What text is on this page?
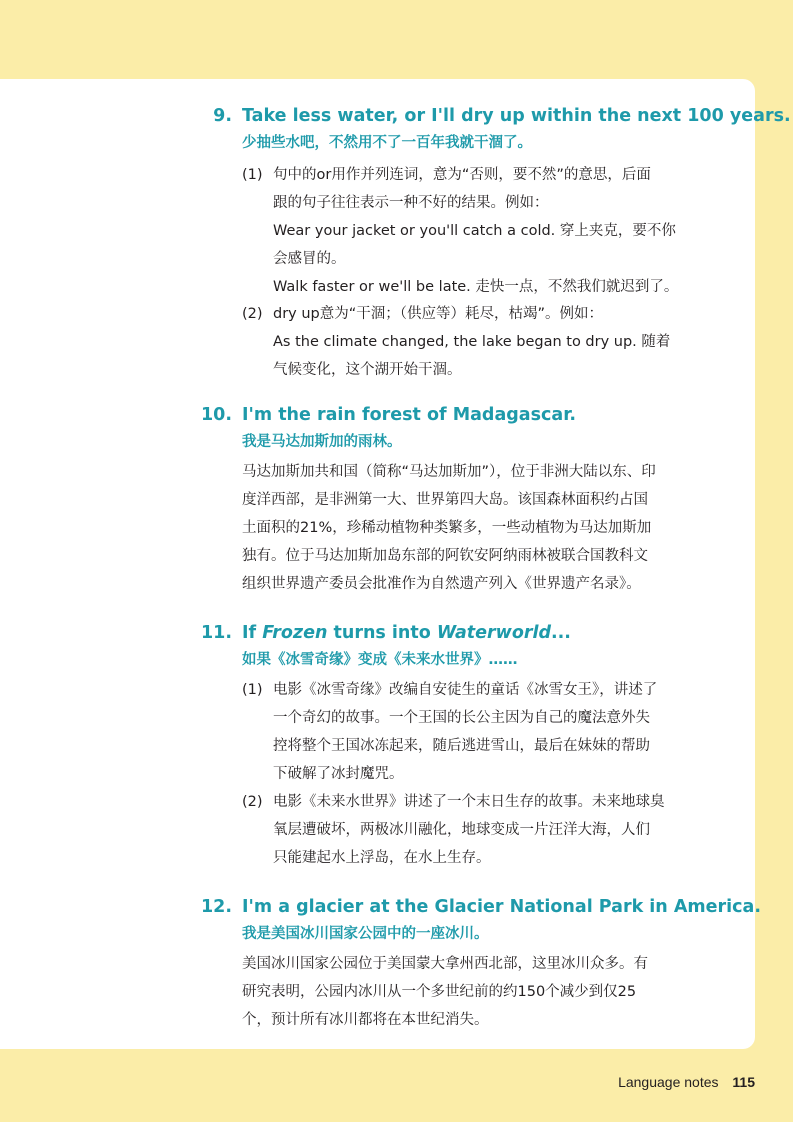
9. Take less water, or I'll dry up within the next 100 years.
少抽些水吧，不然用不了一百年我就干涸了。
(1) 句中的or用作并列连词，意为“否则，要不然”的意思，后面
跟的句子往往表示一种不好的结果。例如：
Wear your jacket or you'll catch a cold. 穿上夹克，要不你
会感冒的。
Walk faster or we'll be late. 走快一点，不然我们就迟到了。
(2) dry up意为“干涸；（供应等）耗尽，枯竭”。例如：
As the climate changed, the lake began to dry up. 随着
气候变化，这个湖开始干涸。
10. I'm the rain forest of Madagascar.
我是马达加斯加的雨林。
马达加斯加共和国（简称“马达加斯加”），位于非洲大陆以东、印
度洋西部，是非洲第一大、世界第四大岛。该国森林面积约占国
土面积的21%，珍稀动植物种类繁多，一些动植物为马达加斯加
独有。位于马达加斯加岛东部的阿钦安阿纳雨林被联合国教科文
组织世界遗产委员会批准作为自然遗产列入《世界遗产名录》。
11. If Frozen turns into Waterworld...
如果《冰雪奇缘》变成《未来水世界》……
(1) 电影《冰雪奇缘》改编自安徒生的童话《冰雪女王》，讲述了
一个奇幻的故事。一个王国的长公主因为自己的魔法意外失
控将整个王国冰冻起来，随后逃进雪山，最后在妹妹的帮助
下破解了冰封魔咒。
(2) 电影《未来水世界》讲述了一个末日生存的故事。未来地球臭
氧层遭破坏，两极冰川融化，地球变成一片汪洋大海，人们
只能建起水上浮岛，在水上生存。
12. I'm a glacier at the Glacier National Park in America.
我是美国冰川国家公园中的一座冰川。
美国冰川国家公园位于美国蒙大拿州西北部，这里冰川众多。有
研究表明，公园内冰川从一个多世纪前的约150个减少到仅25
个，预计所有冰川都将在本世纪消失。
Language notes 115
